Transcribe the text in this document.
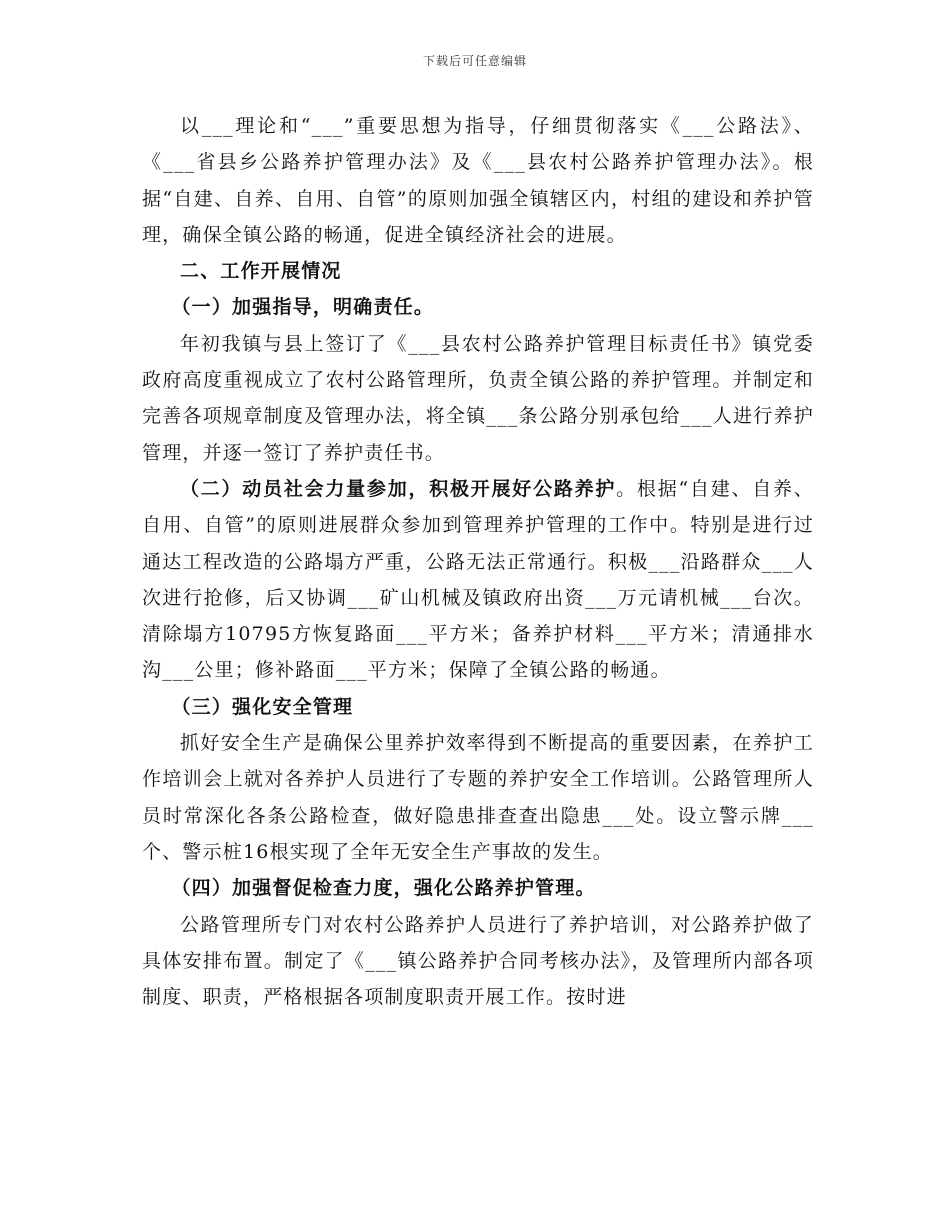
下载后可任意编辑

以___理论和“___”重要思想为指导，仔细贯彻落实《___公路法》、《___省县乡公路养护管理办法》及《___县农村公路养护管理办法》。根据“自建、自养、自用、自管”的原则加强全镇辖区内，村组的建设和养护管理，确保全镇公路的畅通，促进全镇经济社会的进展。

二、工作开展情况

（一）加强指导，明确责任。

年初我镇与县上签订了《___县农村公路养护管理目标责任书》镇党委政府高度重视成立了农村公路管理所，负责全镇公路的养护管理。并制定和完善各项规章制度及管理办法，将全镇___条公路分别承包给___人进行养护管理，并逐一签订了养护责任书。

（二）动员社会力量参加，积极开展好公路养护。根据“自建、自养、自用、自管”的原则进展群众参加到管理养护管理的工作中。特别是进行过通达工程改造的公路塌方严重，公路无法正常通行。积极___沿路群众___人次进行抢修，后又协调___矿山机械及镇政府出资___万元请机械___台次。清除塌方10795方恢复路面___平方米；备养护材料___平方米；清通排水沟___公里；修补路面___平方米；保障了全镇公路的畅通。

（三）强化安全管理

抓好安全生产是确保公里养护效率得到不断提高的重要因素，在养护工作培训会上就对各养护人员进行了专题的养护安全工作培训。公路管理所人员时常深化各条公路检查，做好隐患排查查出隐患___处。设立警示牌___个、警示桩16根实现了全年无安全生产事故的发生。

（四）加强督促检查力度，强化公路养护管理。

公路管理所专门对农村公路养护人员进行了养护培训，对公路养护做了具体安排布置。制定了《___镇公路养护合同考核办法》，及管理所内部各项制度、职责，严格根据各项制度职责开展工作。按时进
